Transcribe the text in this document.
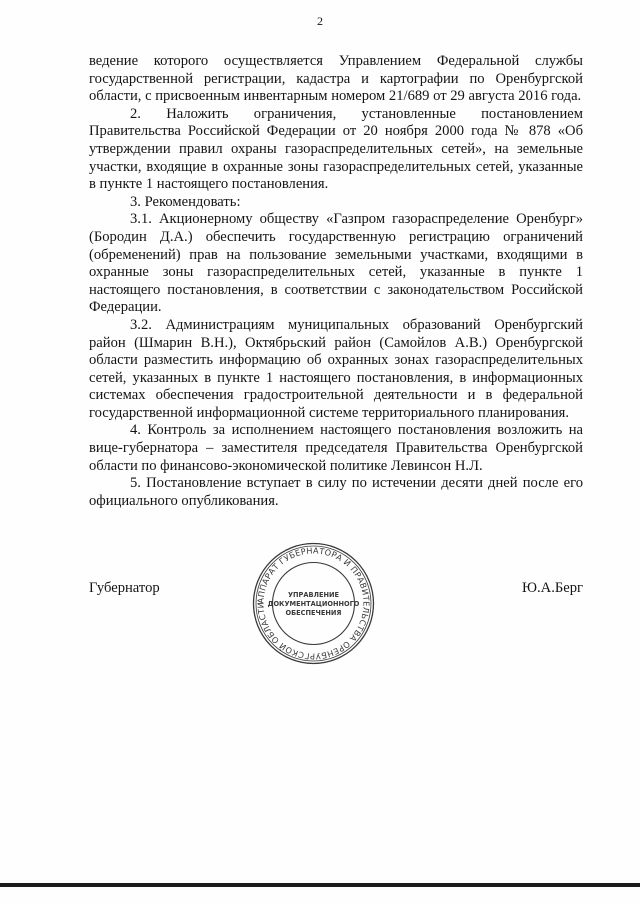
2

ведение которого осуществляется Управлением Федеральной службы государственной регистрации, кадастра и картографии по Оренбургской области, с присвоенным инвентарным номером 21/689 от 29 августа 2016 года.

2. Наложить ограничения, установленные постановлением Правительства Российской Федерации от 20 ноября 2000 года № 878 «Об утверждении правил охраны газораспределительных сетей», на земельные участки, входящие в охранные зоны газораспределительных сетей, указанные в пункте 1 настоящего постановления.

3. Рекомендовать:

3.1. Акционерному обществу «Газпром газораспределение Оренбург» (Бородин Д.А.) обеспечить государственную регистрацию ограничений (обременений) прав на пользование земельными участками, входящими в охранные зоны газораспределительных сетей, указанные в пункте 1 настоящего постановления, в соответствии с законодательством Российской Федерации.

3.2. Администрациям муниципальных образований Оренбургский район (Шмарин В.Н.), Октябрьский район (Самойлов А.В.) Оренбургской области разместить информацию об охранных зонах газораспределительных сетей, указанных в пункте 1 настоящего постановления, в информационных системах обеспечения градостроительной деятельности и в федеральной государственной информационной системе территориального планирования.

4. Контроль за исполнением настоящего постановления возложить на вице-губернатора – заместителя председателя Правительства Оренбургской области по финансово-экономической политике Левинсон Н.Л.

5. Постановление вступает в силу по истечении десяти дней после его официального опубликования.

Губернатор	Ю.А.Берг
АППАРАТ ГУБЕРНАТОРА И ПРАВИТЕЛЬСТВА ОРЕНБУРГСКОЙ ОБЛАСТИ
УПРАВЛЕНИЕ
ДОКУМЕНТАЦИОННОГО
ОБЕСПЕЧЕНИЯ
